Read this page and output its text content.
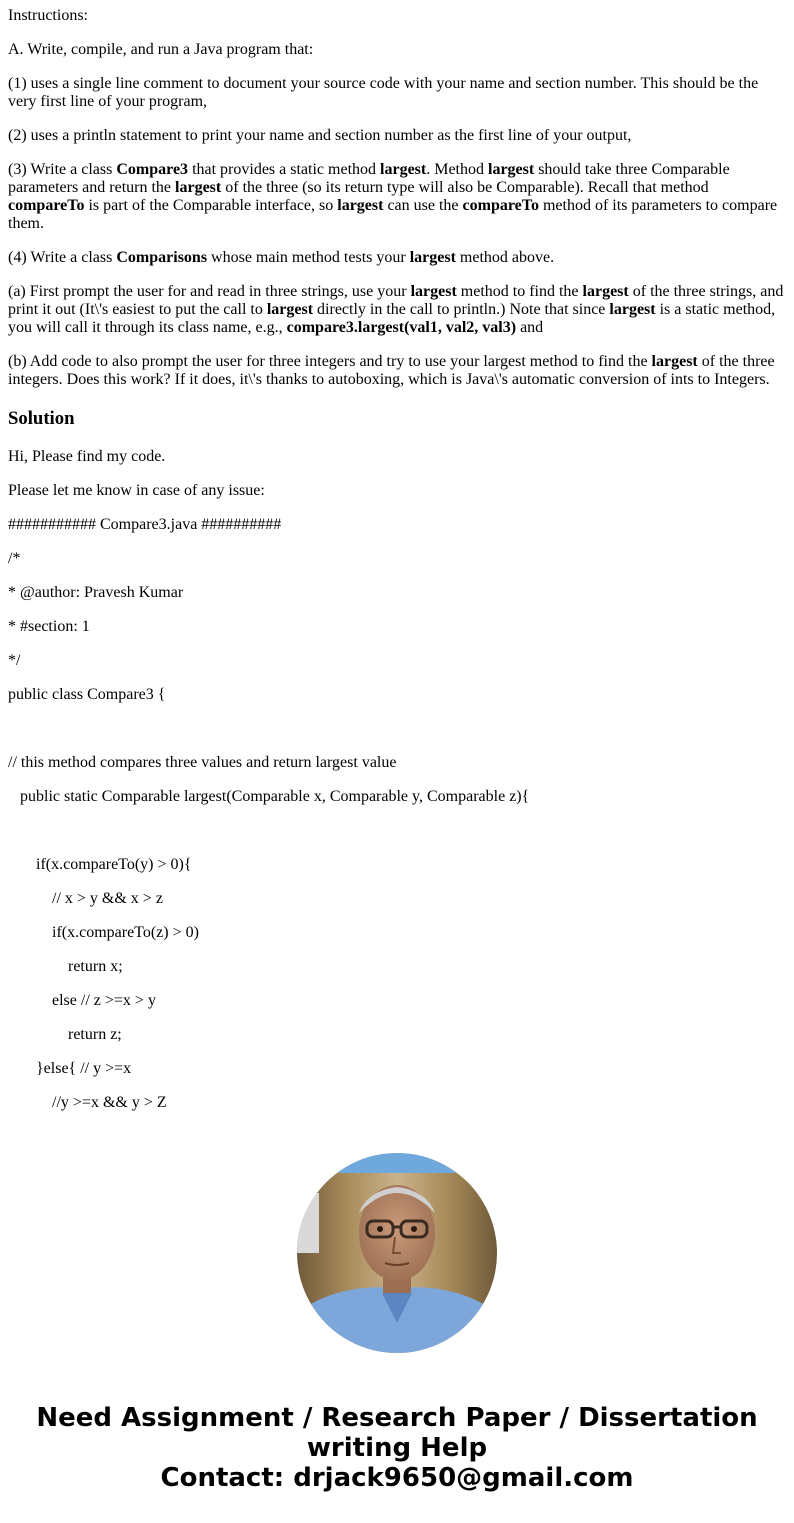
Instructions:

A. Write, compile, and run a Java program that:

(1) uses a single line comment to document your source code with your name and section number. This should be the very first line of your program,

(2) uses a println statement to print your name and section number as the first line of your output,

(3) Write a class Compare3 that provides a static method largest. Method largest should take three Comparable parameters and return the largest of the three (so its return type will also be Comparable). Recall that method compareTo is part of the Comparable interface, so largest can use the compareTo method of its parameters to compare them.

(4) Write a class Comparisons whose main method tests your largest method above.

(a) First prompt the user for and read in three strings, use your largest method to find the largest of the three strings, and print it out (It\'s easiest to put the call to largest directly in the call to println.) Note that since largest is a static method, you will call it through its class name, e.g., compare3.largest(val1, val2, val3) and

(b) Add code to also prompt the user for three integers and try to use your largest method to find the largest of the three integers. Does this work? If it does, it\'s thanks to autoboxing, which is Java\'s automatic conversion of ints to Integers.

Solution

Hi, Please find my code.

Please let me know in case of any issue:

########### Compare3.java ##########

/*

* @author: Pravesh Kumar

* #section: 1

*/

public class Compare3 {

// this method compares three values and return largest value

public static Comparable largest(Comparable x, Comparable y, Comparable z){

if(x.compareTo(y) > 0){

// x > y && x > z

if(x.compareTo(z) > 0)

return x;

else // z >=x > y

return z;

}else{ // y >=x

//y >=x && y > Z

Need Assignment / Research Paper / Dissertation
writing Help
Contact: drjack9650@gmail.com
